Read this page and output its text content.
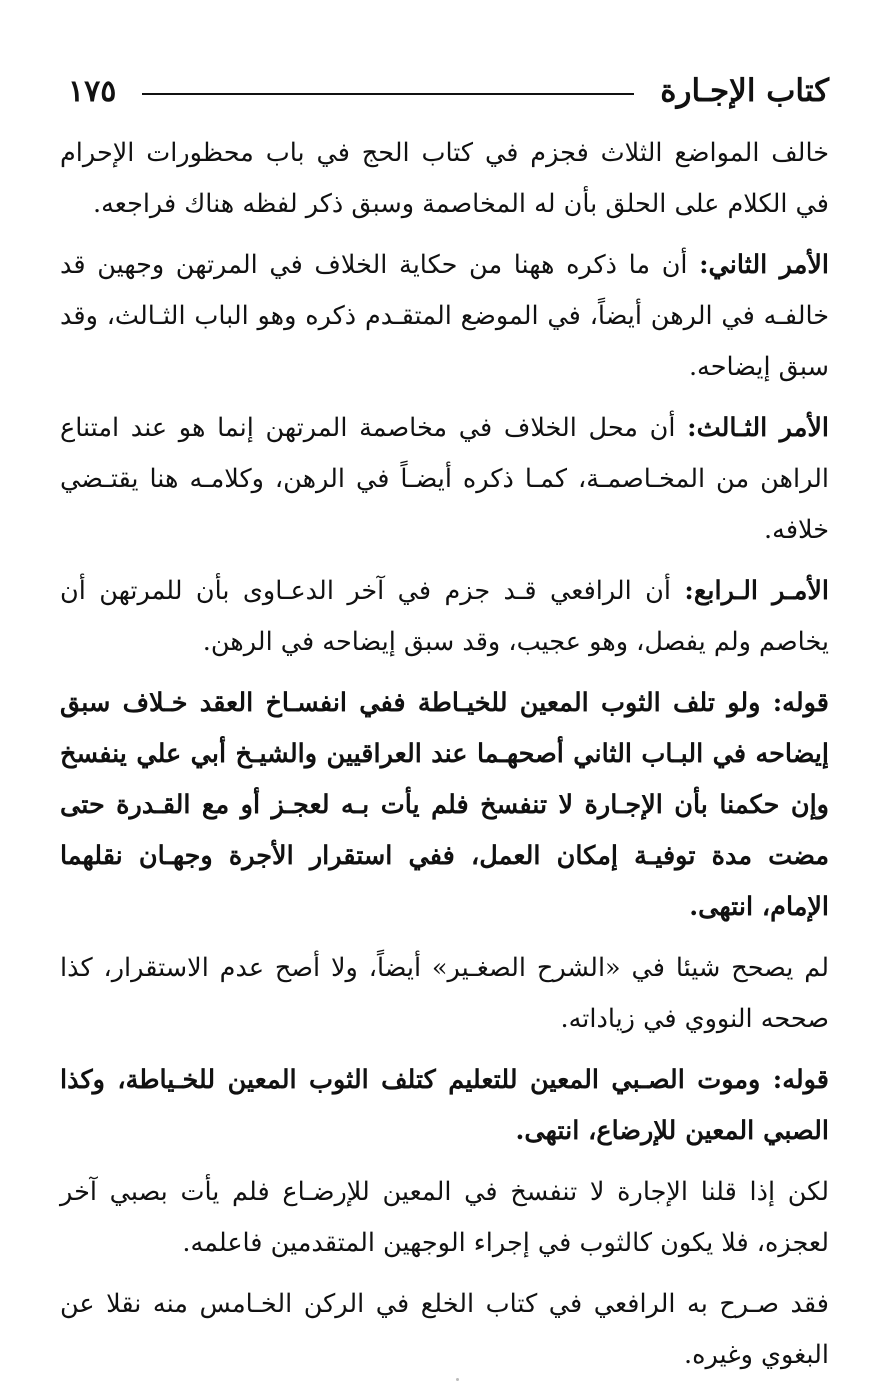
كتاب الإجـارة
١٧٥

خالف المواضع الثلاث فجزم في كتاب الحج في باب محظورات الإحرام في الكلام على الحلق بأن له المخاصمة وسبق ذكر لفظه هناك فراجعه.

الأمر الثاني: أن ما ذكره ههنا من حكاية الخلاف في المرتهن وجهين قد خالفـه في الرهن أيضاً، في الموضع المتقـدم ذكره وهو الباب الثـالث، وقد سبق إيضاحه.

الأمر الثـالث: أن محل الخلاف في مخاصمة المرتهن إنما هو عند امتناع الراهن من المخـاصمـة، كمـا ذكره أيضـاً في الرهن، وكلامـه هنا يقتـضي خلافه.

الأمـر الـرابع: أن الرافعي قـد جزم في آخر الدعـاوى بأن للمرتهن أن يخاصم ولم يفصل، وهو عجيب، وقد سبق إيضاحه في الرهن.

قوله: ولو تلف الثوب المعين للخيـاطة ففي انفسـاخ العقد خـلاف سبق إيضاحه في البـاب الثاني أصحهـما عند العراقيين والشيـخ أبي علي ينفسخ وإن حكمنا بأن الإجـارة لا تنفسخ فلم يأت بـه لعجـز أو مع القـدرة حتى مضت مدة توفيـة إمكان العمل، ففي استقرار الأجرة وجهـان نقلهما الإمام، انتهى.

لم يصحح شيئا في «الشرح الصغـير» أيضاً، ولا أصح عدم الاستقرار، كذا صححه النووي في زياداته.

قوله: وموت الصـبي المعين للتعليم كتلف الثوب المعين للخـياطة، وكذا الصبي المعين للإرضاع، انتهى.

لكن إذا قلنا الإجارة لا تنفسخ في المعين للإرضـاع فلم يأت بصبي آخر لعجزه، فلا يكون كالثوب في إجراء الوجهين المتقدمين فاعلمه.

فقد صـرح به الرافعي في كتاب الخلع في الركن الخـامس منه نقلا عن البغوي وغيره.
